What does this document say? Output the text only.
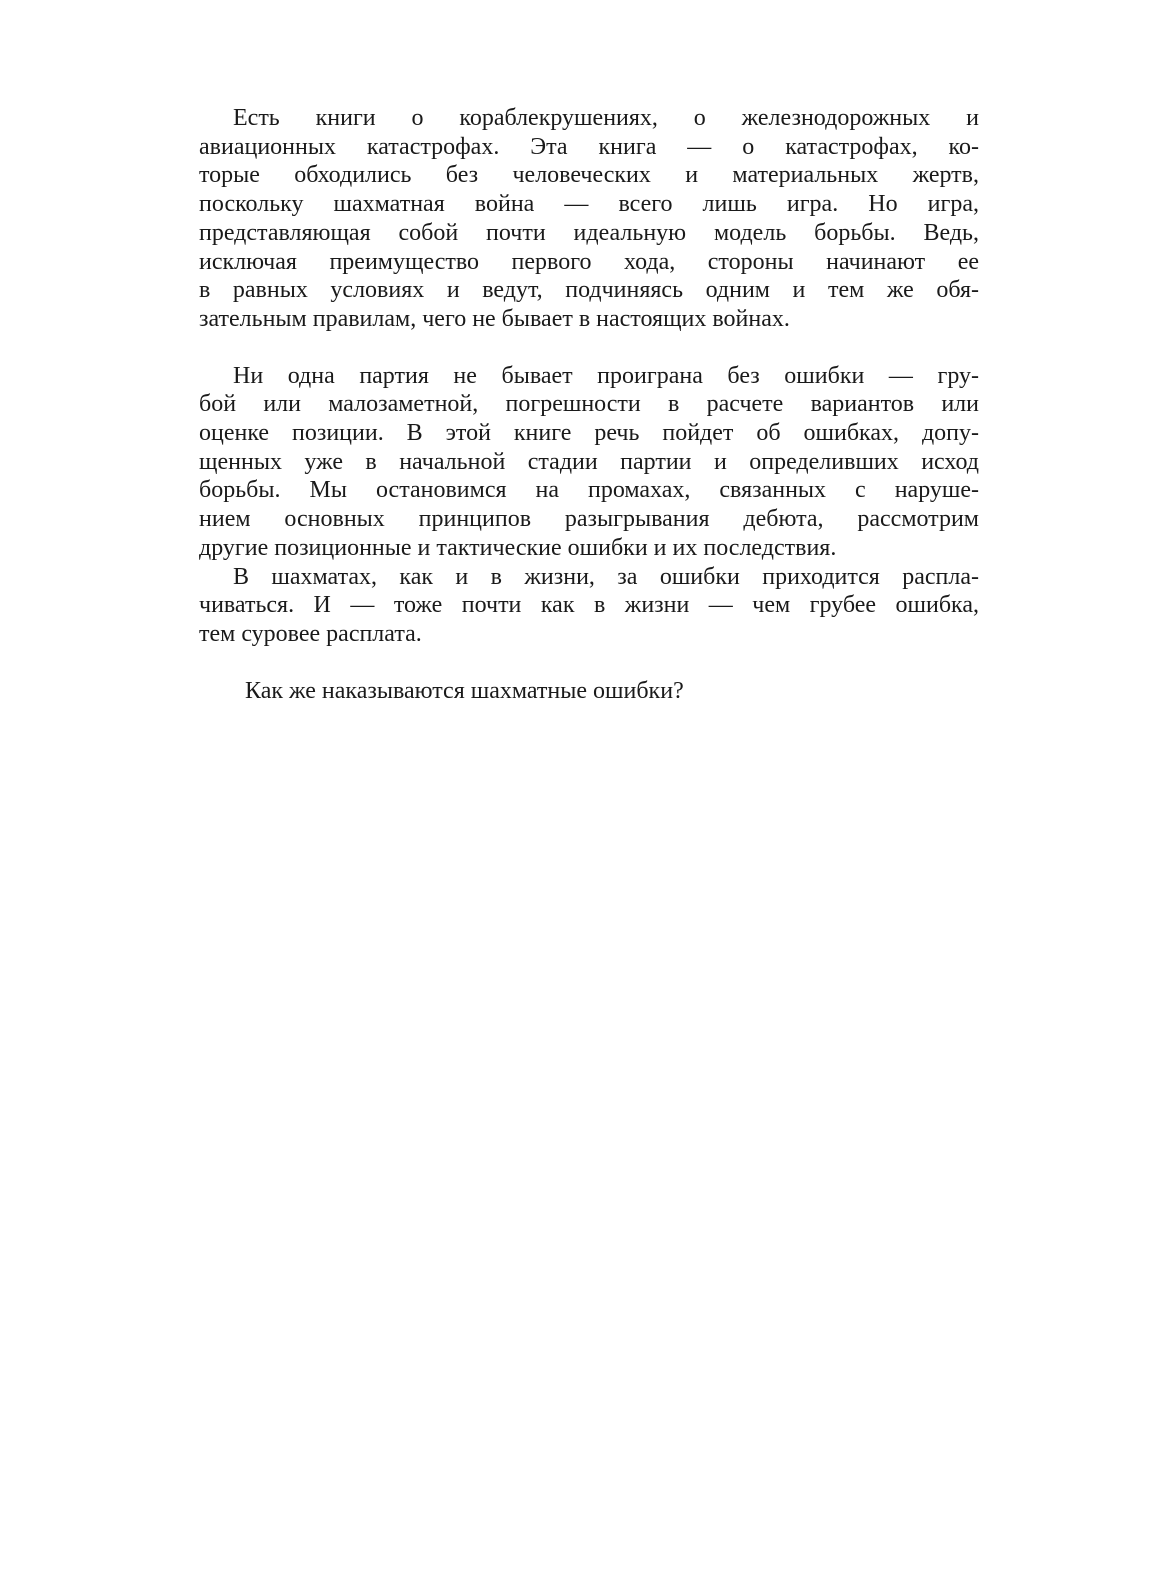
Есть книги о кораблекрушениях, о железнодорожных и
авиационных катастрофах. Эта книга — о катастрофах, ко-
торые обходились без человеческих и материальных жертв,
поскольку шахматная война — всего лишь игра. Но игра,
представляющая собой почти идеальную модель борьбы. Ведь,
исключая преимущество первого хода, стороны начинают ее
в равных условиях и ведут, подчиняясь одним и тем же обя-
зательным правилам, чего не бывает в настоящих войнах.

Ни одна партия не бывает проиграна без ошибки — гру-
бой или малозаметной, погрешности в расчете вариантов или
оценке позиции. В этой книге речь пойдет об ошибках, допу-
щенных уже в начальной стадии партии и определивших исход
борьбы. Мы остановимся на промахах, связанных с наруше-
нием основных принципов разыгрывания дебюта, рассмотрим
другие позиционные и тактические ошибки и их последствия.

В шахматах, как и в жизни, за ошибки приходится распла-
чиваться. И — тоже почти как в жизни — чем грубее ошибка,
тем суровее расплата.

Как же наказываются шахматные ошибки?
